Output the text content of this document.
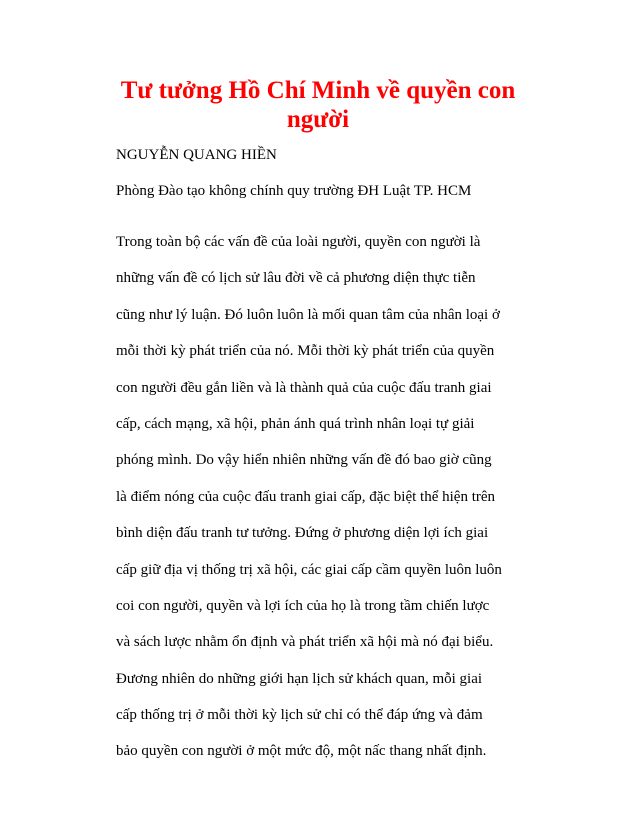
Tư tưởng Hồ Chí Minh về quyền con người

NGUYỄN QUANG HIỀN

Phòng Đào tạo không chính quy trường ĐH Luật TP. HCM

Trong toàn bộ các vấn đề của loài người, quyền con người là
những vấn đề có lịch sử lâu đời về cả phương diện thực tiễn
cũng như lý luận. Đó luôn luôn là mối quan tâm của nhân loại ở
mỗi thời kỳ phát triển của nó. Mỗi thời kỳ phát triển của quyền
con người đều gắn liền và là thành quả của cuộc đấu tranh giai
cấp, cách mạng, xã hội, phản ánh quá trình nhân loại tự giải
phóng mình. Do vậy hiển nhiên những vấn đề đó bao giờ cũng
là điểm nóng của cuộc đấu tranh giai cấp, đặc biệt thể hiện trên
bình diện đấu tranh tư tưởng. Đứng ở phương diện lợi ích giai
cấp giữ địa vị thống trị xã hội, các giai cấp cầm quyền luôn luôn
coi con người, quyền và lợi ích của họ là trong tầm chiến lược
và sách lược nhằm ổn định và phát triển xã hội mà nó đại biểu.
Đương nhiên do những giới hạn lịch sử khách quan, mỗi giai
cấp thống trị ở mỗi thời kỳ lịch sử chỉ có thể đáp ứng và đảm
bảo quyền con người ở một mức độ, một nấc thang nhất định.
